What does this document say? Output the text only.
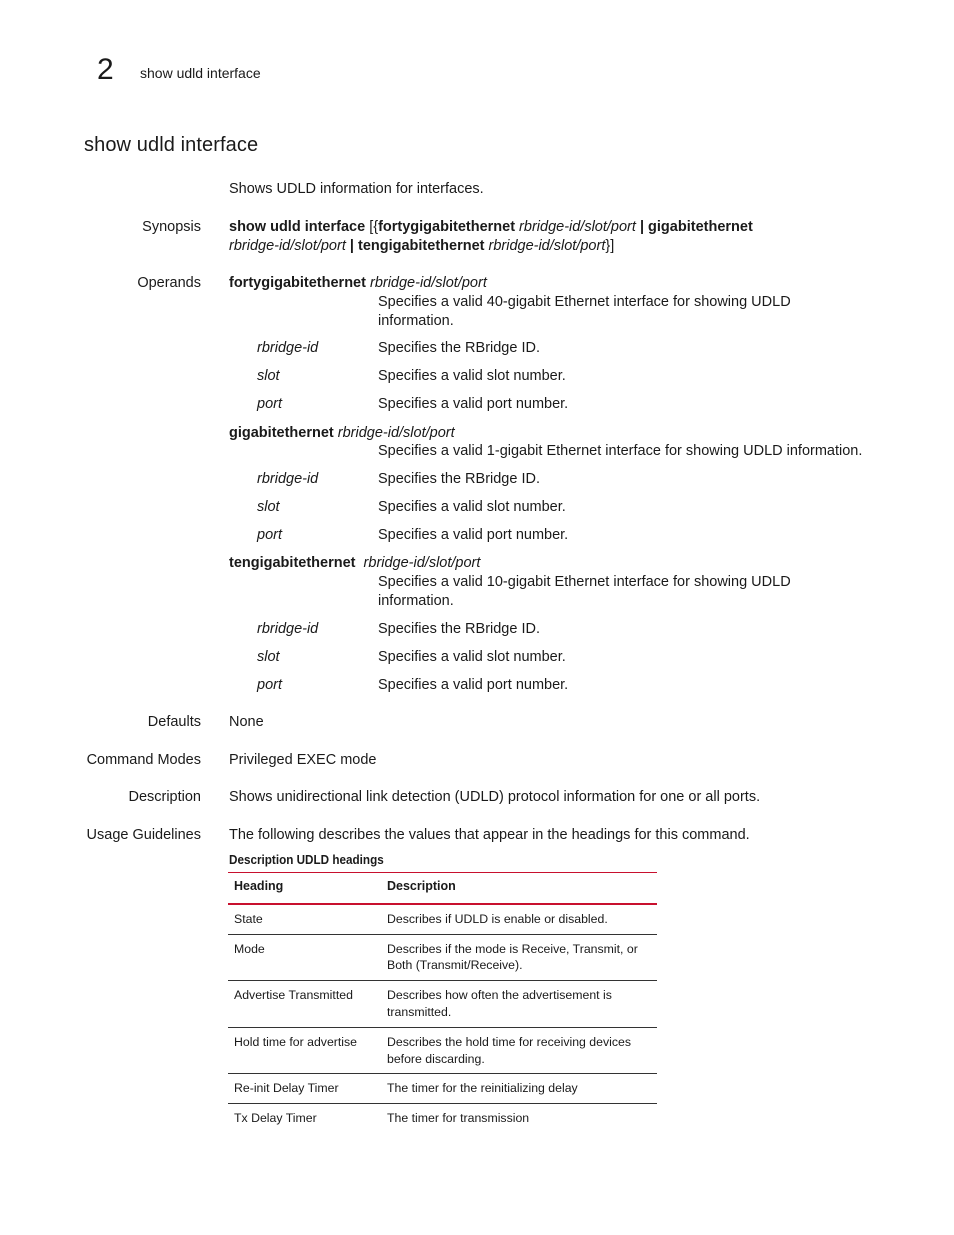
2 show udld interface
show udld interface
Shows UDLD information for interfaces.
Synopsis show udld interface [{fortygigabitethernet rbridge-id/slot/port | gigabitethernet
rbridge-id/slot/port | tengigabitethernet rbridge-id/slot/port}]
Operands fortygigabitethernet rbridge-id/slot/port
Specifies a valid 40-gigabit Ethernet interface for showing UDLD information.
rbridge-id	Specifies the RBridge ID.
slot	Specifies a valid slot number.
port	Specifies a valid port number.
gigabitethernet rbridge-id/slot/port
Specifies a valid 1-gigabit Ethernet interface for showing UDLD information.
rbridge-id	Specifies the RBridge ID.
slot	Specifies a valid slot number.
port	Specifies a valid port number.
tengigabitethernet rbridge-id/slot/port
Specifies a valid 10-gigabit Ethernet interface for showing UDLD information.
rbridge-id	Specifies the RBridge ID.
slot	Specifies a valid slot number.
port	Specifies a valid port number.
Defaults None
Command Modes Privileged EXEC mode
Description Shows unidirectional link detection (UDLD) protocol information for one or all ports.
Usage Guidelines The following describes the values that appear in the headings for this command.
Description UDLD headings
Heading	Description
State	Describes if UDLD is enable or disabled.
Mode	Describes if the mode is Receive, Transmit, or Both (Transmit/Receive).
Advertise Transmitted	Describes how often the advertisement is transmitted.
Hold time for advertise	Describes the hold time for receiving devices before discarding.
Re-init Delay Timer	The timer for the reinitializing delay
Tx Delay Timer	The timer for transmission
